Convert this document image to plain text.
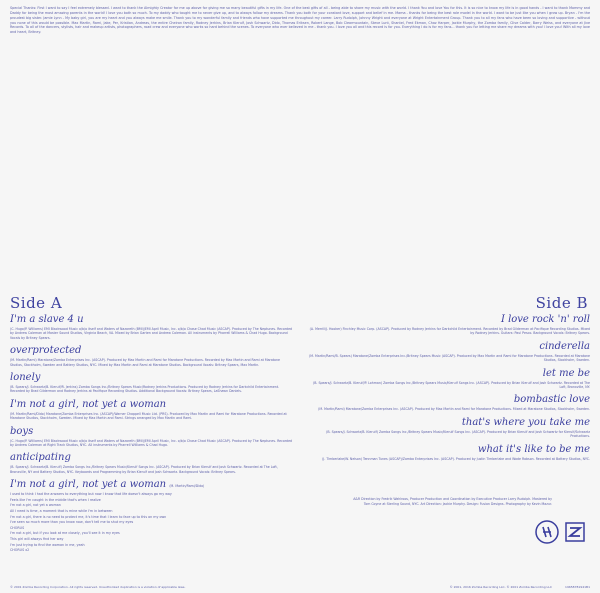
Special Thanks: First I want to say I feel extremely blessed. I want to thank the Almighty Creator for me up above for giving me so many beautiful gifts in my life. One of the best gifts of all - being able to share my music with the world. I thank You and love You for this. It is so nice to know my life is in good hands - I want to thank Mommy and Daddy for being the most amazing parents in the world! I love you both so much. To my daddy who taught me to never give up, and to always follow my dreams. Thank you both for your constant love, support and belief in me. Mama - thanks for being the best role model in the world. I want to be just like you when I grow up. Bryan - I'm the proudest big sister. Jamie Lynn - My baby girl, you are my heart and you always make me smile. Thank you to my wonderful family and friends who have supported me throughout my career. Larry Rudolph, Johnny Wright and everyone at Wright Entertainment Group. Thank you to all my fans who have been so loving and supportive - without you none of this would be possible. Max Martin, Rami, Jake, Per, Kristian, Andreas, the entire Cheiron family, Rodney Jerkins, Brian Kierulf, Josh Schwartz, Dido, Thomas Eriksen, Robert Lange, Bob Clearmountain, Steve Lunt, Shantel, Fred Ekman, Chaz Harper, Jackie Murphy, the Zomba family, Clive Calder, Barry Weiss, and everyone at Jive Records. To all of the dancers, stylists, hair and makeup artists, photographers, road crew and everyone who works so hard behind the scenes. To everyone who ever believed in me - thank you. I love you all and this record is for you. Everything I do is for my fans... thank you for letting me share my dreams with you! I love you! With all my love and heart, Britney.

Side A	Side B
I'm a slave 4 u
(C. Hugo/P. Williams) EMI Blackwood Music o/b/o itself and Waters of Nazareth (BMI)/EMI April Music, Inc. o/b/o Chase Chad Music (ASCAP). Produced by The Neptunes. Recorded by Andrew Coleman at Master Sound Studios, Virginia Beach, VA. Mixed by Brian Garten and Andrew Coleman. All instruments by Pharrell Williams & Chad Hugo. Background Vocals by Britney Spears.
overprotected
(M. Martin/Rami) Maratone/Zomba Enterprises Inc. (ASCAP). Produced by Max Martin and Rami for Maratone Productions. Recorded by Max Martin and Rami at Maratone Studios, Stockholm, Sweden and Battery Studios, NYC. Mixed by Max Martin and Rami at Maratone Studios. Background Vocals: Britney Spears, Max Martin.
lonely
(B. Spears/J. Schwartz/B. Kierulf/R. Jerkins) Zomba Songs Inc./Britney Spears Music/Rodney Jerkins Productions. Produced by Rodney Jerkins for Darkchild Entertainment. Recorded by Brad Gilderman and Rodney Jerkins at Pacifique Recording Studios. Additional Background Vocals: Britney Spears, LaShawn Daniels.
I'm not a girl, not yet a woman
(M. Martin/Rami/Dido) Maratone/Zomba Enterprises Inc. (ASCAP)/Warner Chappell Music Ltd. (PRS). Produced by Max Martin and Rami for Maratone Productions. Recorded at Maratone Studios, Stockholm, Sweden. Mixed by Max Martin and Rami. Strings arranged by Max Martin and Rami.
boys
(C. Hugo/P. Williams) EMI Blackwood Music o/b/o itself and Waters of Nazareth (BMI)/EMI April Music, Inc. o/b/o Chase Chad Music (ASCAP). Produced by The Neptunes. Recorded by Andrew Coleman at Right Track Studios, NYC. All instruments by Pharrell Williams & Chad Hugo.
anticipating
(B. Spears/J. Schwartz/B. Kierulf) Zomba Songs Inc./Britney Spears Music/Kierulf Songs Inc. (ASCAP). Produced by Brian Kierulf and Josh Schwartz. Recorded at The Loft, Bronxville, NY and Battery Studios, NYC. Keyboards and Programming by Brian Kierulf and Josh Schwartz. Background Vocals: Britney Spears.
I'm not a girl, not yet a woman (M. Martin/Rami/Dido)
I used to think I had the answers to everything but now I know that life doesn't always go my way
Feels like I'm caught in the middle that's when I realize
I'm not a girl, not yet a woman
All I need is time, a moment that is mine while I'm in between
I'm not a girl, there is no need to protect me, it's time that I learn to face up to this on my own
I've seen so much more than you know now, don't tell me to shut my eyes
CHORUS
I'm not a girl, but if you look at me closely, you'll see it in my eyes
This girl will always find her way
I'm just trying to find the woman in me, yeah
CHORUS x2
I love rock 'n' roll
(A. Merrill/J. Hooker) Finchley Music Corp. (ASCAP). Produced by Rodney Jerkins for Darkchild Entertainment. Recorded by Brad Gilderman at Pacifique Recording Studios. Mixed by Rodney Jerkins. Guitars: Paul Pesco. Background Vocals: Britney Spears.
cinderella
(M. Martin/Rami/B. Spears) Maratone/Zomba Enterprises Inc./Britney Spears Music (ASCAP). Produced by Max Martin and Rami for Maratone Productions. Recorded at Maratone Studios, Stockholm, Sweden.
let me be
(B. Spears/J. Schwartz/B. Kierulf/P. Lohman) Zomba Songs Inc./Britney Spears Music/Kierulf Songs Inc. (ASCAP). Produced by Brian Kierulf and Josh Schwartz. Recorded at The Loft, Bronxville, NY.
bombastic love
(M. Martin/Rami) Maratone/Zomba Enterprises Inc. (ASCAP). Produced by Max Martin and Rami for Maratone Productions. Mixed at Maratone Studios, Stockholm, Sweden.
that's where you take me
(B. Spears/J. Schwartz/B. Kierulf) Zomba Songs Inc./Britney Spears Music/Kierulf Songs Inc. (ASCAP). Produced by Brian Kierulf and Josh Schwartz for Kierulf/Schwartz Productions.
what it's like to be me
(J. Timberlake/W. Nelson) Tennman Tunes (ASCAP)/Zomba Enterprises Inc. (ASCAP). Produced by Justin Timberlake and Wade Robson. Recorded at Battery Studios, NYC.
A&R Direction by Fredrik Wahlroos, Producer Production and Coordination by Executive Producer Larry Rudolph. Mastered by Tom Coyne at Sterling Sound, NYC. Art Direction: Jackie Murphy. Design: Fusion Designs. Photography by Kevin Mazur.
© 2001 Zomba Recording Corporation. All rights reserved. Unauthorized duplication is a violation of applicable laws.	© 2001, 2016 Zomba Recording LLC. © 2001 Zomba Recording LLC	19658781941B1
